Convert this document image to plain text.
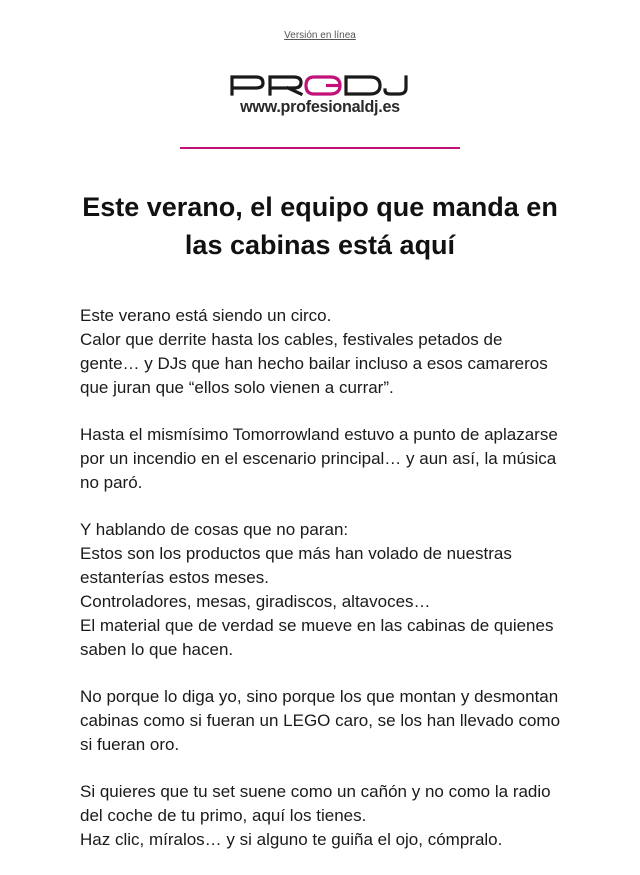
Versión en línea
www.profesionaldj.es
Este verano, el equipo que manda en las cabinas está aquí

Este verano está siendo un circo.
Calor que derrite hasta los cables, festivales petados de gente… y DJs que han hecho bailar incluso a esos camareros que juran que “ellos solo vienen a currar”.

Hasta el mismísimo Tomorrowland estuvo a punto de aplazarse por un incendio en el escenario principal… y aun así, la música no paró.

Y hablando de cosas que no paran:
Estos son los productos que más han volado de nuestras estanterías estos meses.
Controladores, mesas, giradiscos, altavoces…
El material que de verdad se mueve en las cabinas de quienes saben lo que hacen.

No porque lo diga yo, sino porque los que montan y desmontan cabinas como si fueran un LEGO caro, se los han llevado como si fueran oro.

Si quieres que tu set suene como un cañón y no como la radio del coche de tu primo, aquí los tienes.
Haz clic, míralos… y si alguno te guiña el ojo, cómpralo.
